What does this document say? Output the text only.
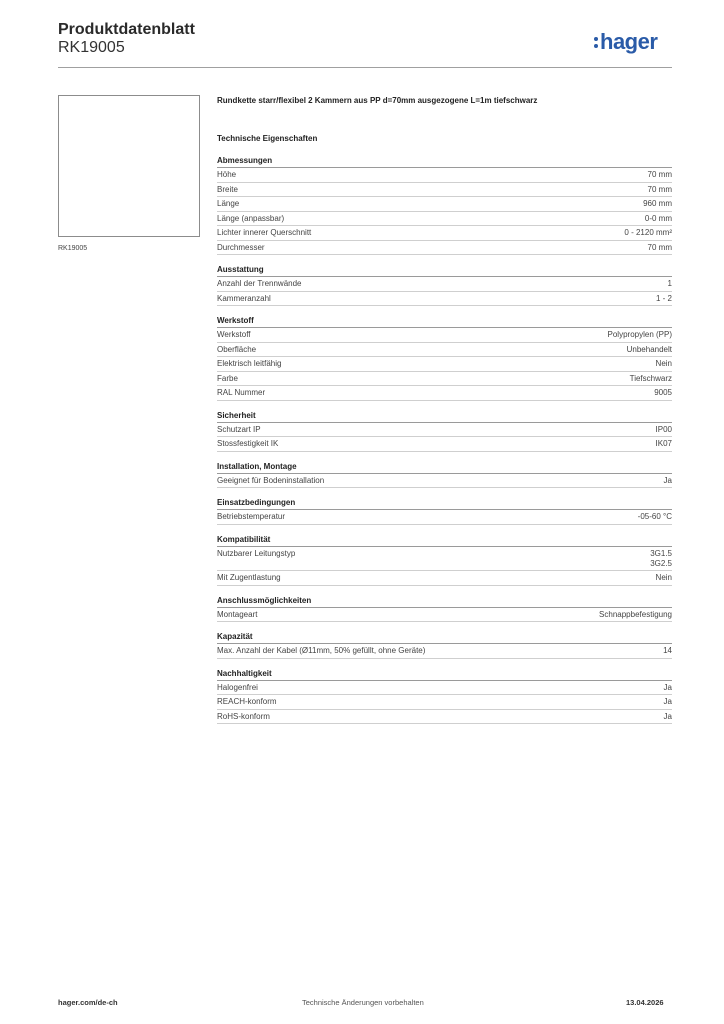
Produktdatenblatt
RK19005	hager
RK19005
Rundkette starr/flexibel 2 Kammern aus PP d=70mm ausgezogene L=1m tiefschwarz
Technische Eigenschaften
Abmessungen
Höhe	70 mm
Breite	70 mm
Länge	960 mm
Länge (anpassbar)	0-0 mm
Lichter innerer Querschnitt	0 - 2120 mm²
Durchmesser	70 mm
Ausstattung
Anzahl der Trennwände	1
Kammeranzahl	1 - 2
Werkstoff
Werkstoff	Polypropylen (PP)
Oberfläche	Unbehandelt
Elektrisch leitfähig	Nein
Farbe	Tiefschwarz
RAL Nummer	9005
Sicherheit
Schutzart IP	IP00
Stossfestigkeit IK	IK07
Installation, Montage
Geeignet für Bodeninstallation	Ja
Einsatzbedingungen
Betriebstemperatur	-05-60 °C
Kompatibilität
Nutzbarer Leitungstyp	3G1.5
3G2.5
Mit Zugentlastung	Nein
Anschlussmöglichkeiten
Montageart	Schnappbefestigung
Kapazität
Max. Anzahl der Kabel (Ø11mm, 50% gefüllt, ohne Geräte)	14
Nachhaltigkeit
Halogenfrei	Ja
REACH-konform	Ja
RoHS-konform	Ja
hager.com/de-ch	Technische Änderungen vorbehalten	13.04.2026
